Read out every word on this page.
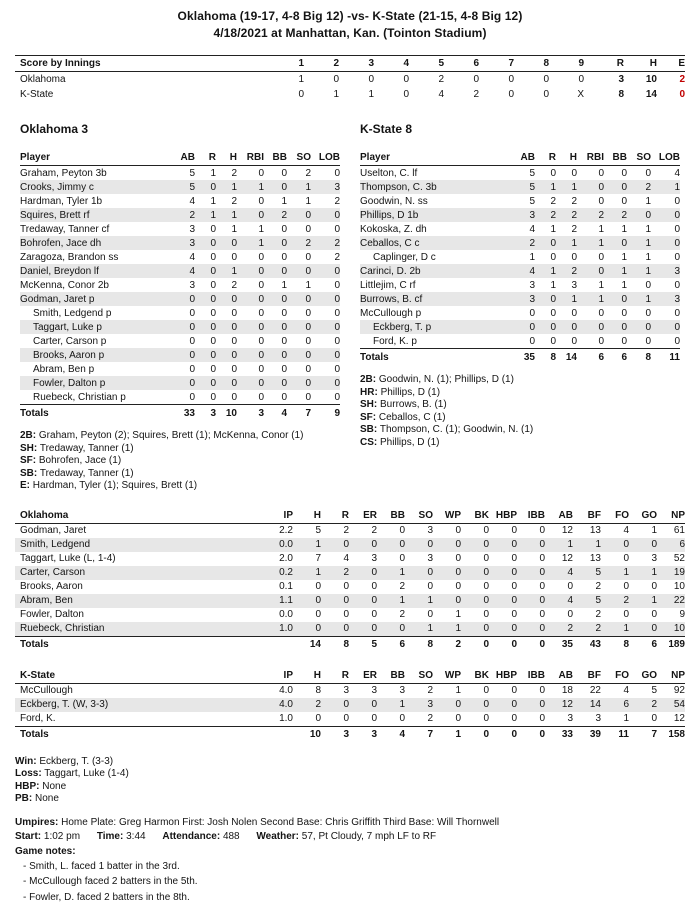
Oklahoma (19-17, 4-8 Big 12) -vs- K-State (21-15, 4-8 Big 12)
4/18/2021 at Manhattan, Kan. (Tointon Stadium)
Score by Innings	1	2	3	4	5	6	7	8	9	R	H	E
Oklahoma	1	0	0	0	2	0	0	0	0	3	10	2
K-State	0	1	1	0	4	2	0	0	X	8	14	0
Oklahoma 3
Player	AB	R	H	RBI	BB	SO	LOB
Graham, Peyton 3b	5	1	2	0	0	2	0
Crooks, Jimmy c	5	0	1	1	0	1	3
Hardman, Tyler 1b	4	1	2	0	1	1	2
Squires, Brett rf	2	1	1	0	2	0	0
Tredaway, Tanner cf	3	0	1	1	0	0	0
Bohrofen, Jace dh	3	0	0	1	0	2	2
Zaragoza, Brandon ss	4	0	0	0	0	0	2
Daniel, Breydon lf	4	0	1	0	0	0	0
McKenna, Conor 2b	3	0	2	0	1	1	0
Godman, Jaret p	0	0	0	0	0	0	0
Smith, Ledgend p	0	0	0	0	0	0	0
Taggart, Luke p	0	0	0	0	0	0	0
Carter, Carson p	0	0	0	0	0	0	0
Brooks, Aaron p	0	0	0	0	0	0	0
Abram, Ben p	0	0	0	0	0	0	0
Fowler, Dalton p	0	0	0	0	0	0	0
Ruebeck, Christian p	0	0	0	0	0	0	0
Totals	33	3	10	3	4	7	9
2B: Graham, Peyton (2); Squires, Brett (1); McKenna, Conor (1)
SH: Tredaway, Tanner (1)
SF: Bohrofen, Jace (1)
SB: Tredaway, Tanner (1)
E: Hardman, Tyler (1); Squires, Brett (1)
K-State 8
Player	AB	R	H	RBI	BB	SO	LOB
Uselton, C. lf	5	0	0	0	0	0	4
Thompson, C. 3b	5	1	1	0	0	2	1
Goodwin, N. ss	5	2	2	0	0	1	0
Phillips, D 1b	3	2	2	2	2	0	0
Kokoska, Z. dh	4	1	2	1	1	1	0
Ceballos, C c	2	0	1	1	0	1	0
Caplinger, D c	1	0	0	0	1	1	0
Carinci, D. 2b	4	1	2	0	1	1	3
Littlejim, C rf	3	1	3	1	1	0	0
Burrows, B. cf	3	0	1	1	0	1	3
McCullough p	0	0	0	0	0	0	0
Eckberg, T. p	0	0	0	0	0	0	0
Ford, K. p	0	0	0	0	0	0	0
Totals	35	8	14	6	6	8	11
2B: Goodwin, N. (1); Phillips, D (1)
HR: Phillips, D (1)
SH: Burrows, B. (1)
SF: Ceballos, C (1)
SB: Thompson, C. (1); Goodwin, N. (1)
CS: Phillips, D (1)
Oklahoma	IP	H	R	ER	BB	SO	WP	BK	HBP	IBB	AB	BF	FO	GO	NP
Godman, Jaret	2.2	5	2	2	0	3	0	0	0	0	12	13	4	1	61
Smith, Ledgend	0.0	1	0	0	0	0	0	0	0	0	1	1	0	0	6
Taggart, Luke (L, 1-4)	2.0	7	4	3	0	3	0	0	0	0	12	13	0	3	52
Carter, Carson	0.2	1	2	0	1	0	0	0	0	0	4	5	1	1	19
Brooks, Aaron	0.1	0	0	0	2	0	0	0	0	0	0	2	0	0	10
Abram, Ben	1.1	0	0	0	1	1	0	0	0	0	4	5	2	1	22
Fowler, Dalton	0.0	0	0	0	2	0	1	0	0	0	0	2	0	0	9
Ruebeck, Christian	1.0	0	0	0	0	1	1	0	0	0	2	2	1	0	10
Totals		14	8	5	6	8	2	0	0	0	35	43	8	6	189
K-State	IP	H	R	ER	BB	SO	WP	BK	HBP	IBB	AB	BF	FO	GO	NP
McCullough	4.0	8	3	3	3	2	1	0	0	0	18	22	4	5	92
Eckberg, T. (W, 3-3)	4.0	2	0	0	1	3	0	0	0	0	12	14	6	2	54
Ford, K.	1.0	0	0	0	0	2	0	0	0	0	3	3	1	0	12
Totals		10	3	3	4	7	1	0	0	0	33	39	11	7	158
Win: Eckberg, T. (3-3)
Loss: Taggart, Luke (1-4)
HBP: None
PB: None
Umpires: Home Plate: Greg Harmon First: Josh Nolen Second Base: Chris Griffith Third Base: Will Thornwell
Start: 1:02 pm Time: 3:44 Attendance: 488 Weather: 57, Pt Cloudy, 7 mph LF to RF
Game notes:
- Smith, L. faced 1 batter in the 3rd.
- McCullough faced 2 batters in the 5th.
- Fowler, D. faced 2 batters in the 8th.
